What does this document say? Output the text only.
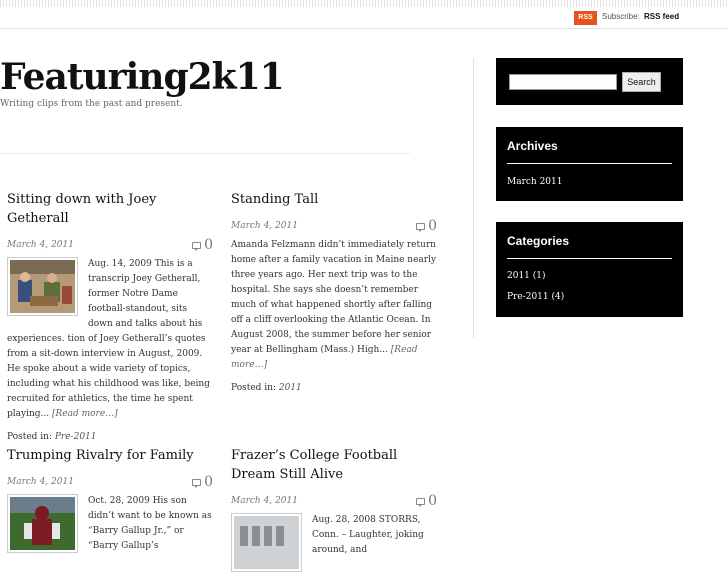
RSS	Subscribe: RSS feed
Featuring2k11
Writing clips from the past and present.
Sitting down with Joey Getherall
March 4, 2011	0
Aug. 14, 2009 This is a transcrip Joey Getherall, former Notre Dame football-standout, sits down and talks about his experiences. tion of Joey Getherall’s quotes from a sit-down interview in August, 2009. He spoke about a wide variety of topics, including what his childhood was like, being recruited for athletics, the time he spent playing... [Read more…]
Posted in: Pre-2011
Standing Tall
March 4, 2011	0
Amanda Felzmann didn’t immediately return home after a family vacation in Maine nearly three years ago. Her next trip was to the hospital. She says she doesn’t remember much of what happened shortly after falling off a cliff overlooking the Atlantic Ocean. In August 2008, the summer before her senior year at Bellingham (Mass.) High... [Read more…]
Posted in: 2011
Trumping Rivalry for Family
March 4, 2011	0
Oct. 28, 2009 His son didn’t want to be known as “Barry Gallup Jr.,” or “Barry Gallup’s
Frazer’s College Football Dream Still Alive
March 4, 2011	0
Aug. 28, 2008 STORRS, Conn. – Laughter, joking around, and
Search
Archives
March 2011
Categories
2011 (1)
Pre-2011 (4)
